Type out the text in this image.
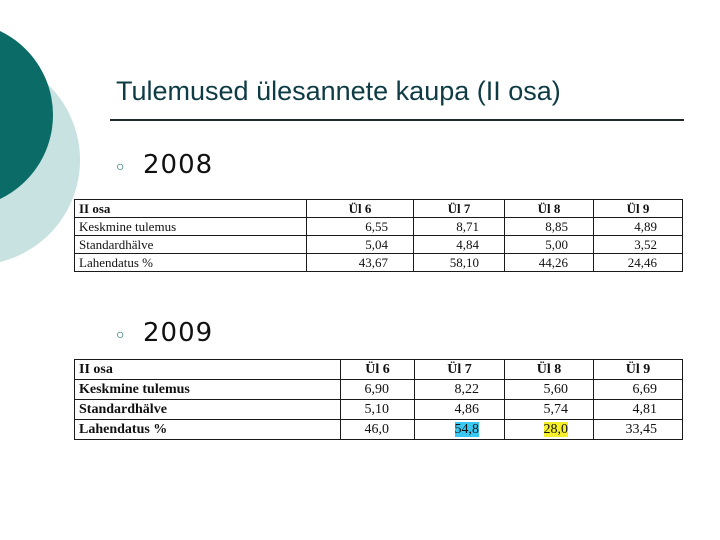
Tulemused ülesannete kaupa (II osa)
○ 2008
II osa	Ül 6	Ül 7	Ül 8	Ül 9
Keskmine tulemus	6,55	8,71	8,85	4,89
Standardhälve	5,04	4,84	5,00	3,52
Lahendatus %	43,67	58,10	44,26	24,46
○ 2009
II osa	Ül 6	Ül 7	Ül 8	Ül 9
Keskmine tulemus	6,90	8,22	5,60	6,69
Standardhälve	5,10	4,86	5,74	4,81
Lahendatus %	46,0	54,8	28,0	33,45
